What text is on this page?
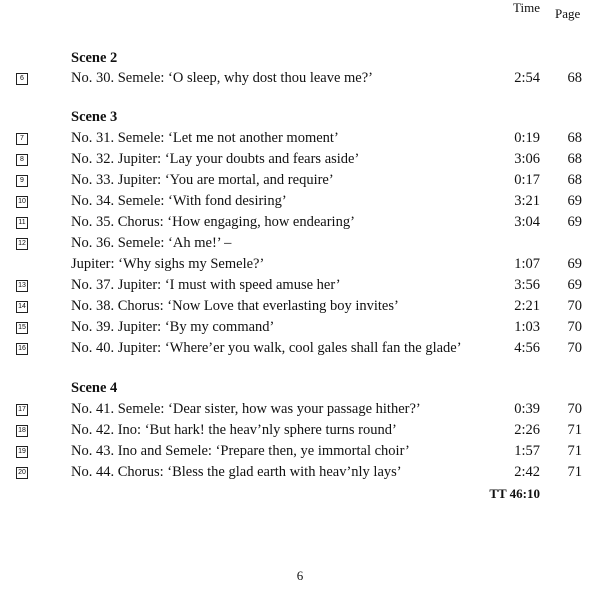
Time Page
Scene 2
6	No. 30. Semele: ‘O sleep, why dost thou leave me?’	2:54 68
Scene 3
7	No. 31. Semele: ‘Let me not another moment’	0:19 68
8	No. 32. Jupiter: ‘Lay your doubts and fears aside’	3:06 68
9	No. 33. Jupiter: ‘You are mortal, and require’	0:17 68
10	No. 34. Semele: ‘With fond desiring’	3:21 69
11	No. 35. Chorus: ‘How engaging, how endearing’	3:04 69
12	No. 36. Semele: ‘Ah me!’ –
Jupiter: ‘Why sighs my Semele?’	1:07 69
13	No. 37. Jupiter: ‘I must with speed amuse her’	3:56 69
14	No. 38. Chorus: ‘Now Love that everlasting boy invites’	2:21 70
15	No. 39. Jupiter: ‘By my command’	1:03 70
16	No. 40. Jupiter: ‘Where’er you walk, cool gales shall fan the glade’	4:56 70
Scene 4
17	No. 41. Semele: ‘Dear sister, how was your passage hither?’	0:39 70
18	No. 42. Ino: ‘But hark! the heav’nly sphere turns round’	2:26 71
19	No. 43. Ino and Semele: ‘Prepare then, ye immortal choir’	1:57 71
20	No. 44. Chorus: ‘Bless the glad earth with heav’nly lays’	2:42 71
TT 46:10
6
